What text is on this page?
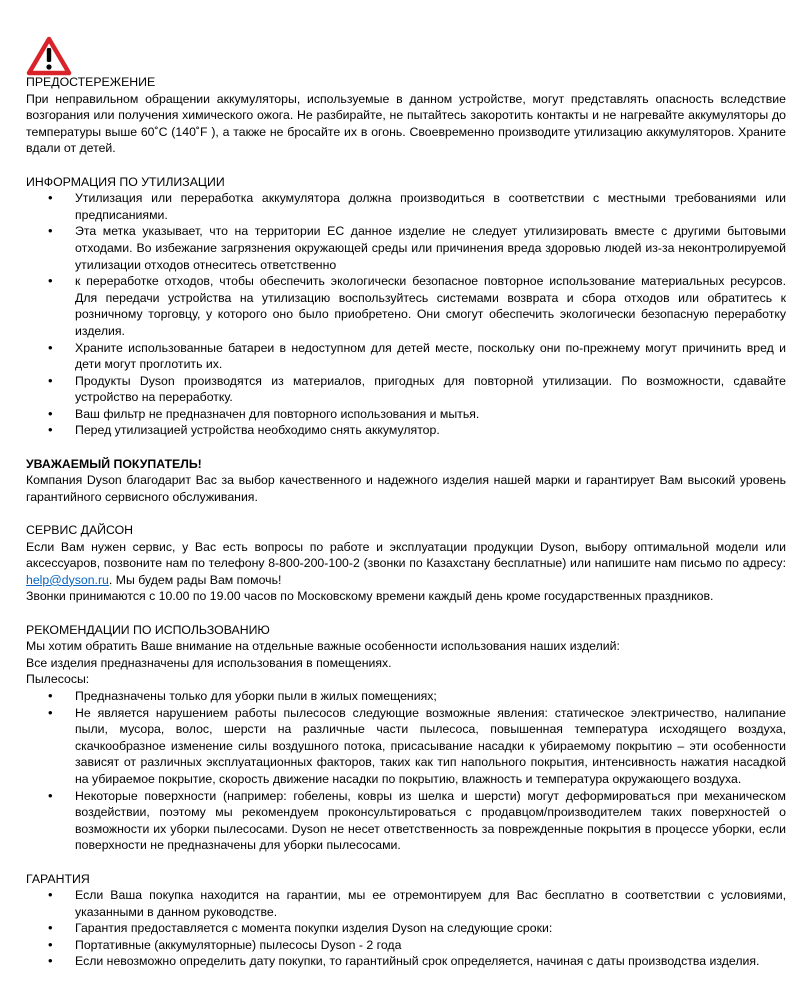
ПРЕДОСТЕРЕЖЕНИЕ

При неправильном обращении аккумуляторы, используемые в данном устройстве, могут представлять опасность вследствие возгорания или получения химического ожога. Не разбирайте, не пытайтесь закоротить контакты и не нагревайте аккумуляторы до температуры выше 60˚C (140˚F ), а также не бросайте их в огонь. Своевременно производите утилизацию аккумуляторов. Храните вдали от детей.

ИНФОРМАЦИЯ ПО УТИЛИЗАЦИИ
• Утилизация или переработка аккумулятора должна производиться в соответствии с местными требованиями или предписаниями.
• Эта метка указывает, что на территории ЕС данное изделие не следует утилизировать вместе с другими бытовыми отходами. Во избежание загрязнения окружающей среды или причинения вреда здоровью людей из-за неконтролируемой утилизации отходов отнеситесь ответственно
• к переработке отходов, чтобы обеспечить экологически безопасное повторное использование материальных ресурсов. Для передачи устройства на утилизацию воспользуйтесь системами возврата и сбора отходов или обратитесь к розничному торговцу, у которого оно было приобретено. Они смогут обеспечить экологически безопасную переработку изделия.
• Храните использованные батареи в недоступном для детей месте, поскольку они по-прежнему могут причинить вред и дети могут проглотить их.
• Продукты Dyson производятся из материалов, пригодных для повторной утилизации. По возможности, сдавайте устройство на переработку.
• Ваш фильтр не предназначен для повторного использования и мытья.
• Перед утилизацией устройства необходимо снять аккумулятор.
УВАЖАЕМЫЙ ПОКУПАТЕЛЬ!

Компания Dyson благодарит Вас за выбор качественного и надежного изделия нашей марки и гарантирует Вам высокий уровень гарантийного сервисного обслуживания.

СЕРВИС ДАЙСОН

Если Вам нужен сервис, у Вас есть вопросы по работе и эксплуатации продукции Dyson, выбору оптимальной модели или аксессуаров, позвоните нам по телефону 8-800-200-100-2 (звонки по Казахстану бесплатные) или напишите нам письмо по адресу: help@dyson.ru. Мы будем рады Вам помочь!

Звонки принимаются с 10.00 по 19.00 часов по Московскому времени каждый день кроме государственных праздников.

РЕКОМЕНДАЦИИ ПО ИСПОЛЬЗОВАНИЮ

Мы хотим обратить Ваше внимание на отдельные важные особенности использования наших изделий:

Все изделия предназначены для использования в помещениях.

Пылесосы:

• Предназначены только для уборки пыли в жилых помещениях;
• Не является нарушением работы пылесосов следующие возможные явления: статическое электричество, налипание пыли, мусора, волос, шерсти на различные части пылесоса, повышенная температура исходящего воздуха, скачкообразное изменение силы воздушного потока, присасывание насадки к убираемому покрытию – эти особенности зависят от различных эксплуатационных факторов, таких как тип напольного покрытия, интенсивность нажатия насадкой на убираемое покрытие, скорость движение насадки по покрытию, влажность и температура окружающего воздуха.
• Некоторые поверхности (например: гобелены, ковры из шелка и шерсти) могут деформироваться при механическом воздействии, поэтому мы рекомендуем проконсультироваться с продавцом/производителем таких поверхностей о возможности их уборки пылесосами. Dyson не несет ответственность за поврежденные покрытия в процессе уборки, если поверхности не предназначены для уборки пылесосами.
ГАРАНТИЯ
• Если Ваша покупка находится на гарантии, мы ее отремонтируем для Вас бесплатно в соответствии с условиями, указанными в данном руководстве.
• Гарантия предоставляется с момента покупки изделия Dyson на следующие сроки:
• Портативные (аккумуляторные) пылесосы Dyson - 2 года
• Если невозможно определить дату покупки, то гарантийный срок определяется, начиная с даты производства изделия.
